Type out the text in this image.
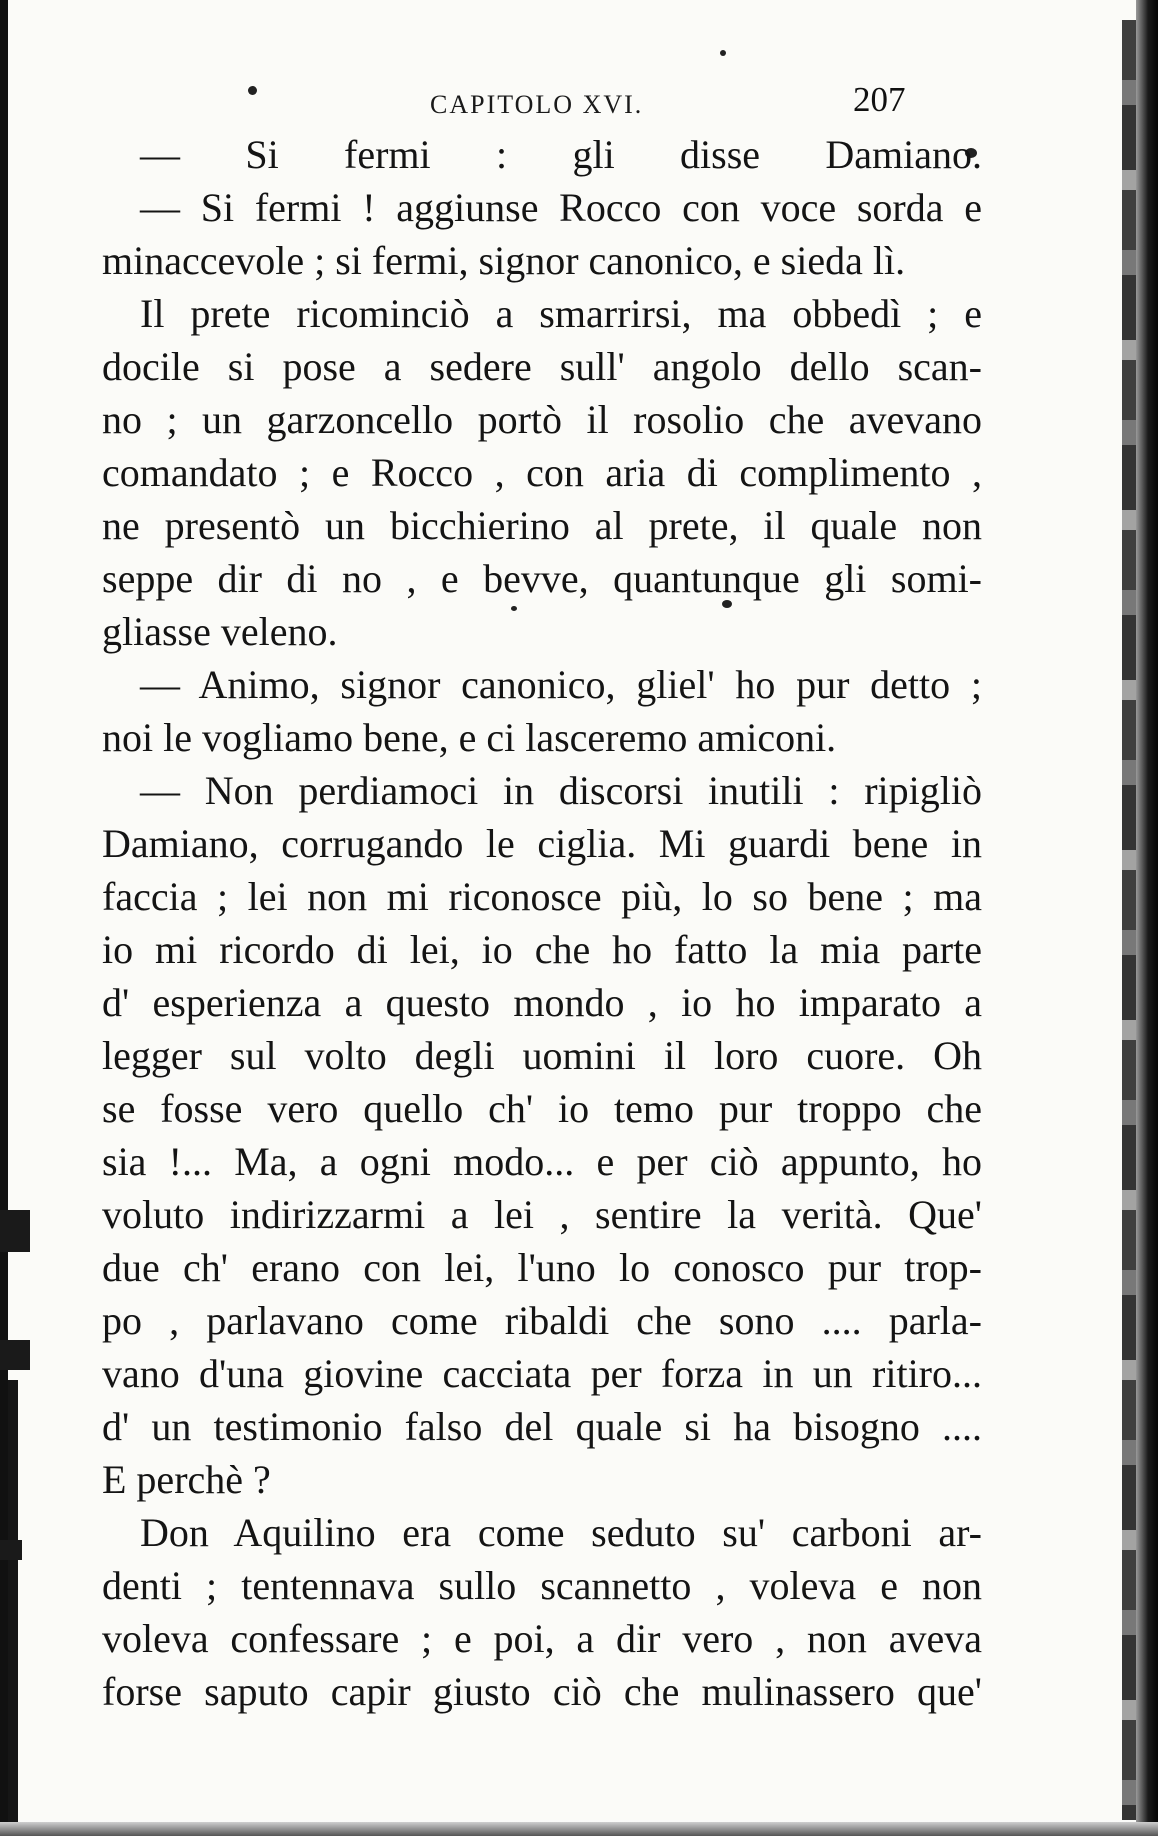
CAPITOLO XVI.	207
— Si fermi : gli disse Damiano.
— Si fermi ! aggiunse Rocco con voce sorda e
minaccevole ; si fermi, signor canonico, e sieda lì.
Il prete ricominciò a smarrirsi, ma obbedì ; e
docile si pose a sedere sull' angolo dello scan-
no ; un garzoncello portò il rosolio che avevano
comandato ; e Rocco , con aria di complimento ,
ne presentò un bicchierino al prete, il quale non
seppe dir di no , e bevve, quantunque gli somi-
gliasse veleno.
— Animo, signor canonico, gliel' ho pur detto ;
noi le vogliamo bene, e ci lasceremo amiconi.
— Non perdiamoci in discorsi inutili : ripigliò
Damiano, corrugando le ciglia. Mi guardi bene in
faccia ; lei non mi riconosce più, lo so bene ; ma
io mi ricordo di lei, io che ho fatto la mia parte
d' esperienza a questo mondo , io ho imparato a
legger sul volto degli uomini il loro cuore. Oh
se fosse vero quello ch' io temo pur troppo che
sia !... Ma, a ogni modo... e per ciò appunto, ho
voluto indirizzarmi a lei , sentire la verità. Que'
due ch' erano con lei, l'uno lo conosco pur trop-
po , parlavano come ribaldi che sono .... parla-
vano d'una giovine cacciata per forza in un ritiro...
d' un testimonio falso del quale si ha bisogno ....
E perchè ?
Don Aquilino era come seduto su' carboni ar-
denti ; tentennava sullo scannetto , voleva e non
voleva confessare ; e poi, a dir vero , non aveva
forse saputo capir giusto ciò che mulinassero que'
